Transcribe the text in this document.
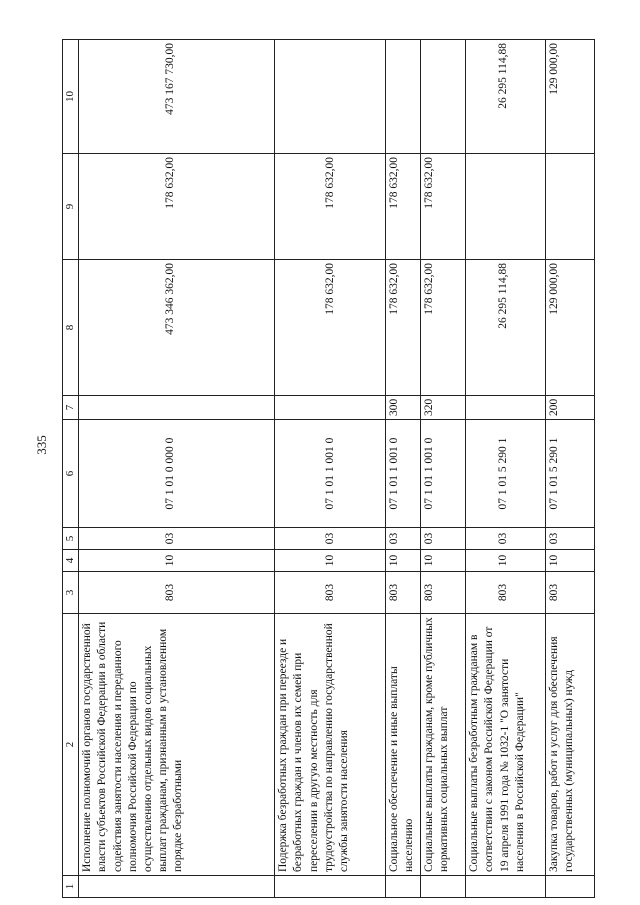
335
1	2	3	4	5	6	7	8	9	10
	Исполнение полномочий органов государственной власти субъектов Российской Федерации в области содействия занятости населения и переданного полномочия Российской Федерации по осуществлению отдельных видов социальных выплат гражданам, признанным в установленном порядке безработными	803	10	03	07 1 01 0 000 0		473 346 362,00	178 632,00	473 167 730,00
	Подержка безработных граждан при переезде и безработных граждан и членов их семей при переселении в другую местность для трудоустройства по направлению государственной службы занятости населения	803	10	03	07 1 01 1 001 0		178 632,00	178 632,00	
	Социальное обеспечение и иные выплаты населению	803	10	03	07 1 01 1 001 0	300	178 632,00	178 632,00	
	Социальные выплаты гражданам, кроме публичных нормативных социальных выплат	803	10	03	07 1 01 1 001 0	320	178 632,00	178 632,00	
	Социальные выплаты безработным гражданам в соответствии с законом Российской Федерации от 19 апреля 1991 года № 1032-1 "О занятости населения в Российской Федерации"	803	10	03	07 1 01 5 290 1		26 295 114,88		26 295 114,88
	Закупка товаров, работ и услуг для обеспечения государственных (муниципальных) нужд	803	10	03	07 1 01 5 290 1	200	129 000,00		129 000,00
